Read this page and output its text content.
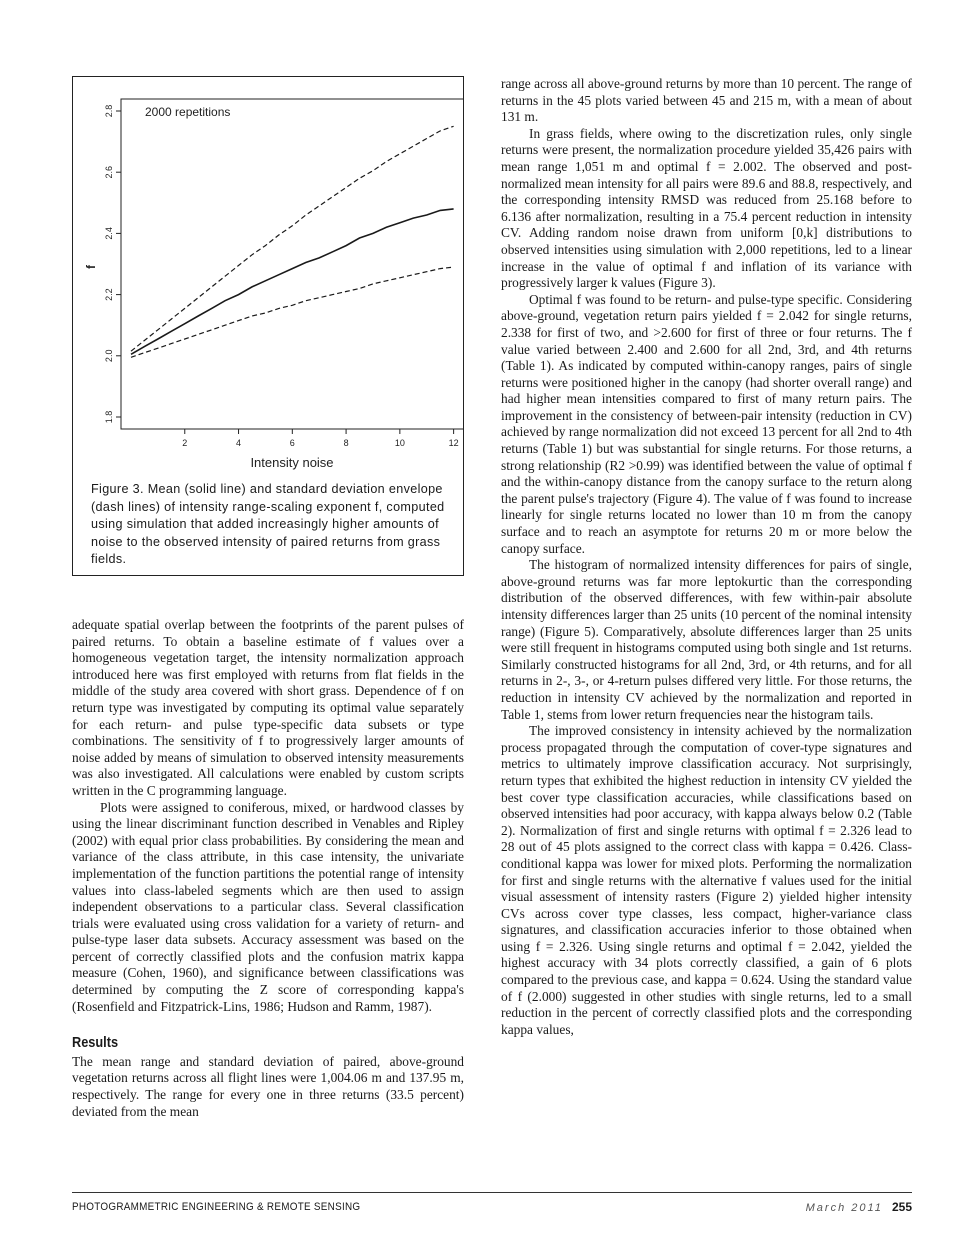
1.8
2.0
2.2
2.4
2.6
2.8
2	4	6	8	10	12
2000 repetitions
Intensity noise
f
Figure 3. Mean (solid line) and standard deviation envelope (dash lines) of intensity range-scaling exponent f, computed using simulation that added increasingly higher amounts of noise to the observed intensity of paired returns from grass fields.

adequate spatial overlap between the footprints of the parent pulses of paired returns. To obtain a baseline estimate of f values over a homogeneous vegetation target, the intensity normalization approach introduced here was first employed with returns from flat fields in the middle of the study area covered with short grass. Dependence of f on return type was investigated by computing its optimal value separately for each return- and pulse type-specific data subsets or type combinations. The sensitivity of f to progressively larger amounts of noise added by means of simulation to observed intensity measurements was also investigated. All calculations were enabled by custom scripts written in the C programming language.

Plots were assigned to coniferous, mixed, or hardwood classes by using the linear discriminant function described in Venables and Ripley (2002) with equal prior class probabilities. By considering the mean and variance of the class attribute, in this case intensity, the univariate implementation of the function partitions the potential range of intensity values into class-labeled segments which are then used to assign independent observations to a particular class. Several classification trials were evaluated using cross validation for a variety of return- and pulse-type laser data subsets. Accuracy assessment was based on the percent of correctly classified plots and the confusion matrix kappa measure (Cohen, 1960), and significance between classifications was determined by computing the Z score of corresponding kappa's (Rosenfield and Fitzpatrick-Lins, 1986; Hudson and Ramm, 1987).

Results

The mean range and standard deviation of paired, above-ground vegetation returns across all flight lines were 1,004.06 m and 137.95 m, respectively. The range for every one in three returns (33.5 percent) deviated from the mean

range across all above-ground returns by more than 10 percent. The range of returns in the 45 plots varied between 45 and 215 m, with a mean of about 131 m.

In grass fields, where owing to the discretization rules, only single returns were present, the normalization procedure yielded 35,426 pairs with mean range 1,051 m and optimal f = 2.002. The observed and post-normalized mean intensity for all pairs were 89.6 and 88.8, respectively, and the corresponding intensity RMSD was reduced from 25.168 before to 6.136 after normalization, resulting in a 75.4 percent reduction in intensity CV. Adding random noise drawn from uniform [0,k] distributions to observed intensities using simulation with 2,000 repetitions, led to a linear increase in the value of optimal f and inflation of its variance with progressively larger k values (Figure 3).

Optimal f was found to be return- and pulse-type specific. Considering above-ground, vegetation return pairs yielded f = 2.042 for single returns, 2.338 for first of two, and >2.600 for first of three or four returns. The f value varied between 2.400 and 2.600 for all 2nd, 3rd, and 4th returns (Table 1). As indicated by computed within-canopy ranges, pairs of single returns were positioned higher in the canopy (had shorter overall range) and had higher mean intensities compared to first of many return pairs. The improvement in the consistency of between-pair intensity (reduction in CV) achieved by range normalization did not exceed 13 percent for all 2nd to 4th returns (Table 1) but was substantial for single returns. For those returns, a strong relationship (R2 >0.99) was identified between the value of optimal f and the within-canopy distance from the canopy surface to the return along the parent pulse's trajectory (Figure 4). The value of f was found to increase linearly for single returns located no lower than 10 m from the canopy surface and to reach an asymptote for returns 20 m or more below the canopy surface.

The histogram of normalized intensity differences for pairs of single, above-ground returns was far more leptokurtic than the corresponding distribution of the observed differences, with few within-pair absolute intensity differences larger than 25 units (10 percent of the nominal intensity range) (Figure 5). Comparatively, absolute differences larger than 25 units were still frequent in histograms computed using both single and 1st returns. Similarly constructed histograms for all 2nd, 3rd, or 4th returns, and for all returns in 2-, 3-, or 4-return pulses differed very little. For those returns, the reduction in intensity CV achieved by the normalization and reported in Table 1, stems from lower return frequencies near the histogram tails.

The improved consistency in intensity achieved by the normalization process propagated through the computation of cover-type signatures and metrics to ultimately improve classification accuracy. Not surprisingly, return types that exhibited the highest reduction in intensity CV yielded the best cover type classification accuracies, while classifications based on observed intensities had poor accuracy, with kappa always below 0.2 (Table 2). Normalization of first and single returns with optimal f = 2.326 lead to 28 out of 45 plots assigned to the correct class with kappa = 0.426. Class-conditional kappa was lower for mixed plots. Performing the normalization for first and single returns with the alternative f values used for the initial visual assessment of intensity rasters (Figure 2) yielded higher intensity CVs across cover type classes, less compact, higher-variance class signatures, and classification accuracies inferior to those obtained when using f = 2.326. Using single returns and optimal f = 2.042, yielded the highest accuracy with 34 plots correctly classified, a gain of 6 plots compared to the previous case, and kappa = 0.624. Using the standard value of f (2.000) suggested in other studies with single returns, led to a small reduction in the percent of correctly classified plots and the corresponding kappa values,

PHOTOGRAMMETRIC ENGINEERING & REMOTE SENSING	March 2011 255
